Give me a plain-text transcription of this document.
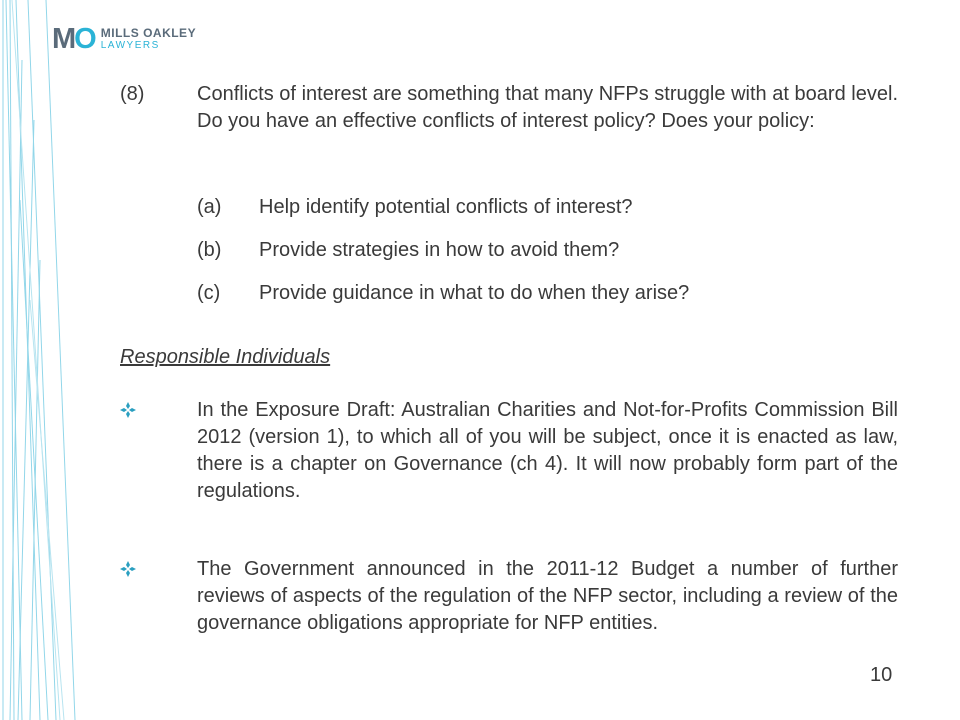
M O MILLS OAKLEY
LAWYERS
(8)	Conflicts of interest are something that many NFPs struggle with at board level. Do you have an effective conflicts of interest policy? Does your policy:
(a) Help identify potential conflicts of interest?
(b) Provide strategies in how to avoid them?
(c) Provide guidance in what to do when they arise?
Responsible Individuals
In the Exposure Draft: Australian Charities and Not-for-Profits Commission Bill 2012 (version 1), to which all of you will be subject, once it is enacted as law, there is a chapter on Governance (ch 4). It will now probably form part of the regulations.
The Government announced in the 2011-12 Budget a number of further reviews of aspects of the regulation of the NFP sector, including a review of the governance obligations appropriate for NFP entities.
10
